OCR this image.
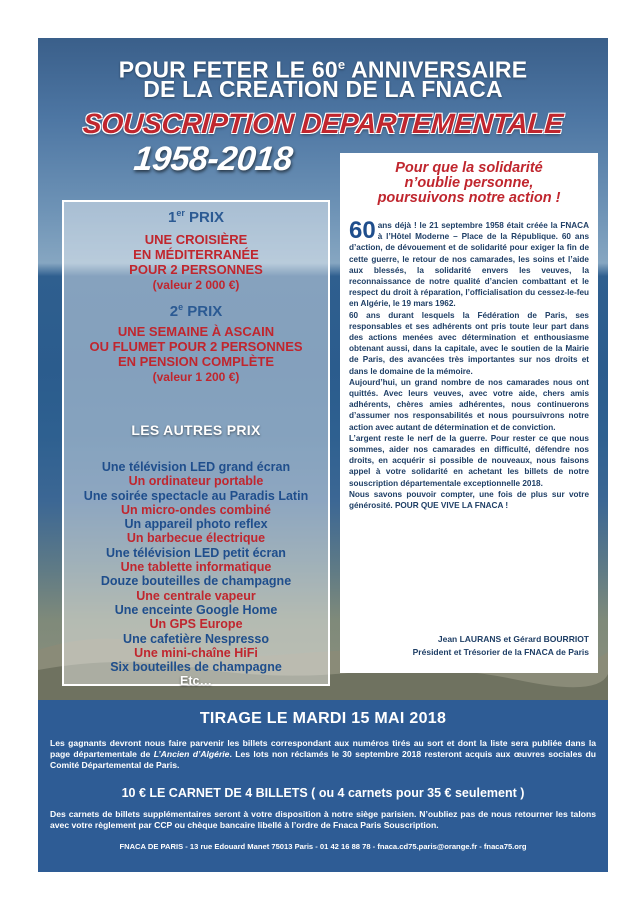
POUR FETER LE 60e ANNIVERSAIRE
DE LA CREATION DE LA FNACA
SOUSCRIPTION DEPARTEMENTALE
1958-2018
1er PRIX
UNE CROISIÈRE
EN MÉDITERRANÉE
POUR 2 PERSONNES
(valeur 2 000 €)
2e PRIX
UNE SEMAINE À ASCAIN
OU FLUMET POUR 2 PERSONNES
EN PENSION COMPLÈTE
(valeur 1 200 €)
LES AUTRES PRIX
Une télévision LED grand écran
Un ordinateur portable
Une soirée spectacle au Paradis Latin
Un micro-ondes combiné
Un appareil photo reflex
Un barbecue électrique
Une télévision LED petit écran
Une tablette informatique
Douze bouteilles de champagne
Une centrale vapeur
Une enceinte Google Home
Un GPS Europe
Une cafetière Nespresso
Une mini-chaîne HiFi
Six bouteilles de champagne
Etc…
Pour que la solidarité
n’oublie personne,
poursuivons notre action !

60 ans déjà ! le 21 septembre 1958 était créée la FNACA à l’Hôtel Moderne – Place de la République. 60 ans d’action, de dévouement et de solidarité pour exiger la fin de cette guerre, le retour de nos camarades, les soins et l’aide aux blessés, la solidarité envers les veuves, la reconnaissance de notre qualité d’ancien combattant et le respect du droit à réparation, l’officialisation du cessez-le-feu en Algérie, le 19 mars 1962.

60 ans durant lesquels la Fédération de Paris, ses responsables et ses adhérents ont pris toute leur part dans des actions menées avec détermination et enthousiasme obtenant aussi, dans la capitale, avec le soutien de la Mairie de Paris, des avancées très importantes sur nos droits et dans le domaine de la mémoire.

Aujourd’hui, un grand nombre de nos camarades nous ont quittés. Avec leurs veuves, avec votre aide, chers amis adhérents, chères amies adhérentes, nous continuerons d’assumer nos responsabilités et nous poursuivrons notre action avec autant de détermination et de conviction.

L’argent reste le nerf de la guerre. Pour rester ce que nous sommes, aider nos camarades en difficulté, défendre nos droits, en acquérir si possible de nouveaux, nous faisons appel à votre solidarité en achetant les billets de notre souscription départementale exceptionnelle 2018.

Nous savons pouvoir compter, une fois de plus sur votre générosité. POUR QUE VIVE LA FNACA !

Jean LAURANS et Gérard BOURRIOT
Président et Trésorier de la FNACA de Paris
TIRAGE LE MARDI 15 MAI 2018
Les gagnants devront nous faire parvenir les billets correspondant aux numéros tirés au sort et dont la liste sera publiée dans la page départementale de L’Ancien d’Algérie. Les lots non réclamés le 30 septembre 2018 resteront acquis aux œuvres sociales du Comité Départemental de Paris.
10 € LE CARNET DE 4 BILLETS ( ou 4 carnets pour 35 € seulement )
Des carnets de billets supplémentaires seront à votre disposition à notre siège parisien. N’oubliez pas de nous retourner les talons avec votre règlement par CCP ou chèque bancaire libellé à l’ordre de Fnaca Paris Souscription.
FNACA DE PARIS - 13 rue Edouard Manet 75013 Paris - 01 42 16 88 78 - fnaca.cd75.paris@orange.fr - fnaca75.org
